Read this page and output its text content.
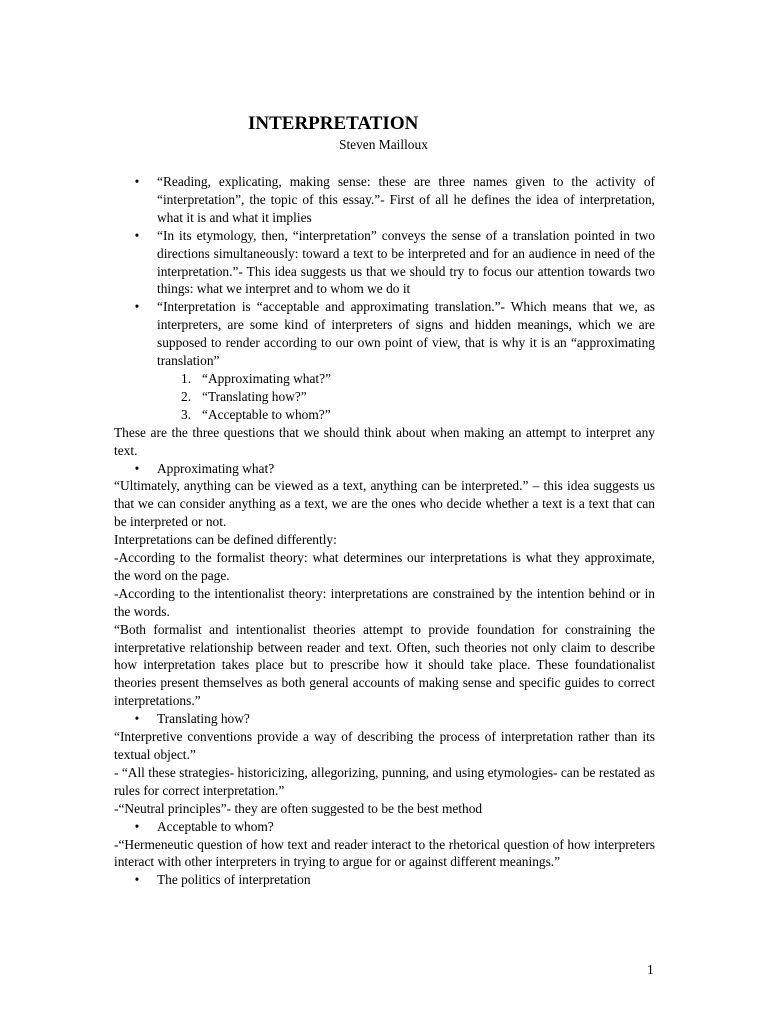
INTERPRETATION
Steven Mailloux
• “Reading, explicating, making sense: these are three names given to the activity of “interpretation”, the topic of this essay.”- First of all he defines the idea of interpretation, what it is and what it implies
• “In its etymology, then, “interpretation” conveys the sense of a translation pointed in two directions simultaneously: toward a text to be interpreted and for an audience in need of the interpretation.”- This idea suggests us that we should try to focus our attention towards two things: what we interpret and to whom we do it
• “Interpretation is “acceptable and approximating translation.”- Which means that we, as interpreters, are some kind of interpreters of signs and hidden meanings, which we are supposed to render according to our own point of view, that is why it is an “approximating translation”
1. “Approximating what?”
2. “Translating how?”
3. “Acceptable to whom?”
These are the three questions that we should think about when making an attempt to interpret any text.
• Approximating what?
“Ultimately, anything can be viewed as a text, anything can be interpreted.” – this idea suggests us that we can consider anything as a text, we are the ones who decide whether a text is a text that can be interpreted or not.
Interpretations can be defined differently:
-According to the formalist theory: what determines our interpretations is what they approximate, the word on the page.
-According to the intentionalist theory: interpretations are constrained by the intention behind or in the words.
“Both formalist and intentionalist theories attempt to provide foundation for constraining the interpretative relationship between reader and text. Often, such theories not only claim to describe how interpretation takes place but to prescribe how it should take place. These foundationalist theories present themselves as both general accounts of making sense and specific guides to correct interpretations.”
• Translating how?
“Interpretive conventions provide a way of describing the process of interpretation rather than its textual object.”
- “All these strategies- historicizing, allegorizing, punning, and using etymologies- can be restated as rules for correct interpretation.”
-“Neutral principles”- they are often suggested to be the best method
• Acceptable to whom?
-“Hermeneutic question of how text and reader interact to the rhetorical question of how interpreters interact with other interpreters in trying to argue for or against different meanings.”
• The politics of interpretation
1
